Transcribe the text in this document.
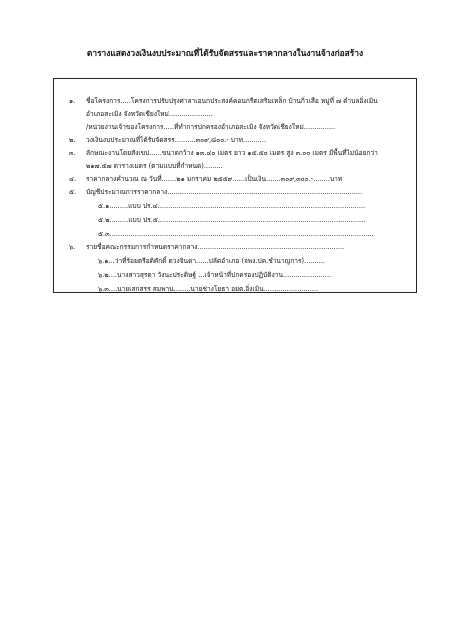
ตารางแสดงวงเงินงบประมาณที่ได้รับจัดสรรและราคากลางในงานจ้างก่อสร้าง
๑. ชื่อโครงการ.....โครงการปรับปรุงศาลาเอนกประสงค์คอนกรีตเสริมเหล็ก บ้านกิ่วเสือ หมู่ที่ ๗ ตำบลอิ่งเมิน
อำเภอสะเมิง จังหวัดเชียงใหม่.....................
/หน่วยงานเจ้าของโครงการ.....ที่ทำการปกครองอำเภอสะเมิง จังหวัดเชียงใหม่...............
๒. วงเงินงบประมาณที่ได้รับจัดสรร..........๓๐๙,๘๐๐.- บาท...........
๓. ลักษณะงานโดยสังเขป......ขนาดกว้าง ๑๓.๔๐ เมตร ยาว ๑๕.๕๐ เมตร สูง ๓.๐๐ เมตร มีพื้นที่ไม่น้อยกว่า
๒๑๗.๕๗ ตารางเมตร (ตามแบบที่กำหนด).........
๔. ราคากลางคำนวณ ณ วันที่.......๒๑ มกราคม ๒๕๕๙......เป็นเงิน.......๓๐๙,๓๐๐.-........บาท
๕. บัญชีประมาณการราคากลาง.............................................................................................
๕.๑.........แบบ ปร.๔...................................................................................................
๕.๒.........แบบ ปร.๕...................................................................................................
๕.๓..............................................................................................................................
๖. รายชื่อคณะกรรมการกำหนดราคากลาง......................................................................
๖.๑...ว่าที่ร้อยตรีอติศักดิ์ ดวงจินดา......ปลัดอำเภอ (จพง.ปค.ชำนาญการ)..........
๖.๒....นางสาวสุรดา วังนะประดิษฐ์ ...เจ้าหน้าที่ปกครองปฏิบัติงาน.......................
๖.๓....นายเสกสรร สมพาน........นายช่างโยธา อยต.อิ่งเมิน..........................
